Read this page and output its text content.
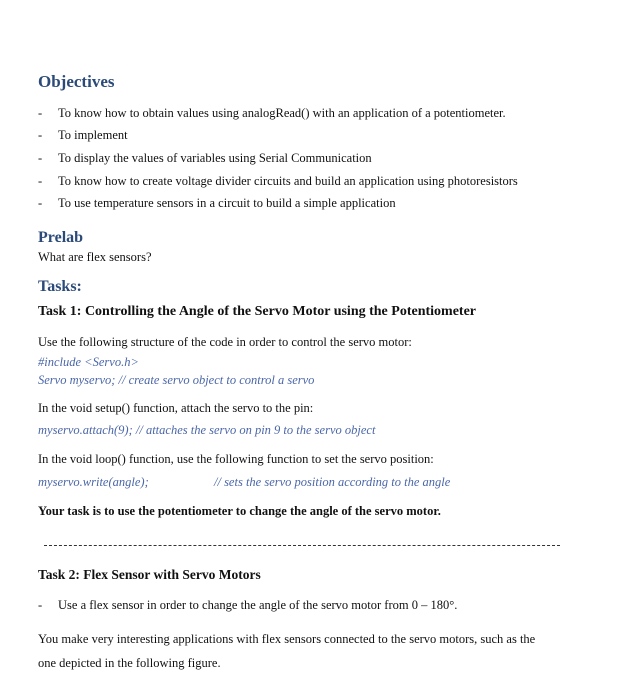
Objectives
-	To know how to obtain values using analogRead() with an application of a potentiometer.
-	To implement
-	To display the values of variables using Serial Communication
-	To know how to create voltage divider circuits and build an application using photoresistors
-	To use temperature sensors in a circuit to build a simple application
Prelab
What are flex sensors?
Tasks:
Task 1: Controlling the Angle of the Servo Motor using the Potentiometer
Use the following structure of the code in order to control the servo motor:
#include <Servo.h>
Servo myservo; // create servo object to control a servo
In the void setup() function, attach the servo to the pin:
myservo.attach(9); // attaches the servo on pin 9 to the servo object
In the void loop() function, use the following function to set the servo position:
myservo.write(angle);	// sets the servo position according to the angle
Your task is to use the potentiometer to change the angle of the servo motor.
Task 2: Flex Sensor with Servo Motors
-	Use a flex sensor in order to change the angle of the servo motor from 0 – 180°.
You make very interesting applications with flex sensors connected to the servo motors, such as the
one depicted in the following figure.
